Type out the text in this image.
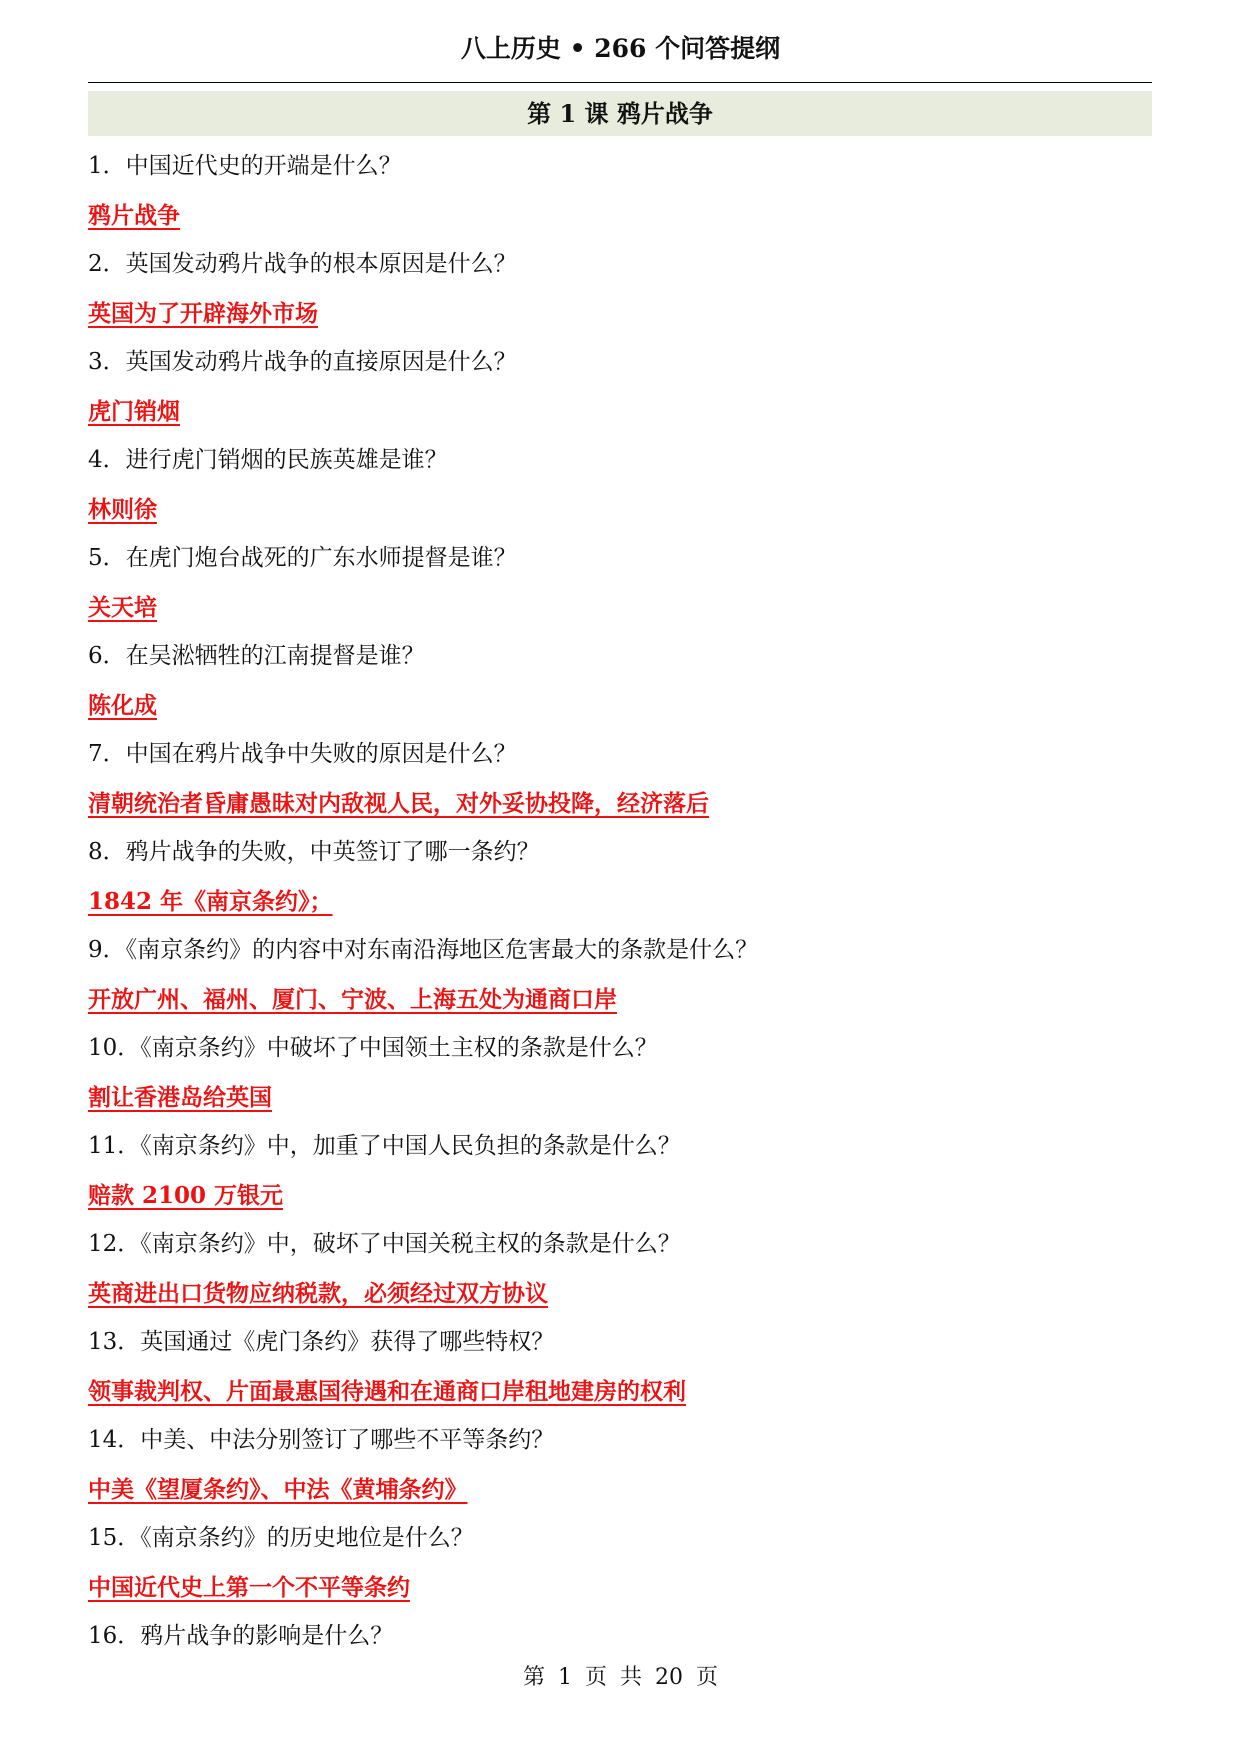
八上历史 • 266 个问答提纲
第 1 课 鸦片战争
1．中国近代史的开端是什么？
鸦片战争
2．英国发动鸦片战争的根本原因是什么？
英国为了开辟海外市场
3．英国发动鸦片战争的直接原因是什么？
虎门销烟
4．进行虎门销烟的民族英雄是谁？
林则徐
5．在虎门炮台战死的广东水师提督是谁？
关天培
6．在吴淞牺牲的江南提督是谁？
陈化成
7．中国在鸦片战争中失败的原因是什么？
清朝统治者昏庸愚昧对内敌视人民，对外妥协投降，经济落后
8．鸦片战争的失败，中英签订了哪一条约？
1842 年《南京条约》；
9．《南京条约》的内容中对东南沿海地区危害最大的条款是什么？
开放广州、福州、厦门、宁波、上海五处为通商口岸
10．《南京条约》中破坏了中国领土主权的条款是什么？
割让香港岛给英国
11．《南京条约》中，加重了中国人民负担的条款是什么？
赔款 2100 万银元
12．《南京条约》中，破坏了中国关税主权的条款是什么？
英商进出口货物应纳税款，必须经过双方协议
13．英国通过《虎门条约》获得了哪些特权？
领事裁判权、片面最惠国待遇和在通商口岸租地建房的权利
14．中美、中法分别签订了哪些不平等条约？
中美《望厦条约》、中法《黄埔条约》
15．《南京条约》的历史地位是什么？
中国近代史上第一个不平等条约
16．鸦片战争的影响是什么？
第 1 页 共 20 页
